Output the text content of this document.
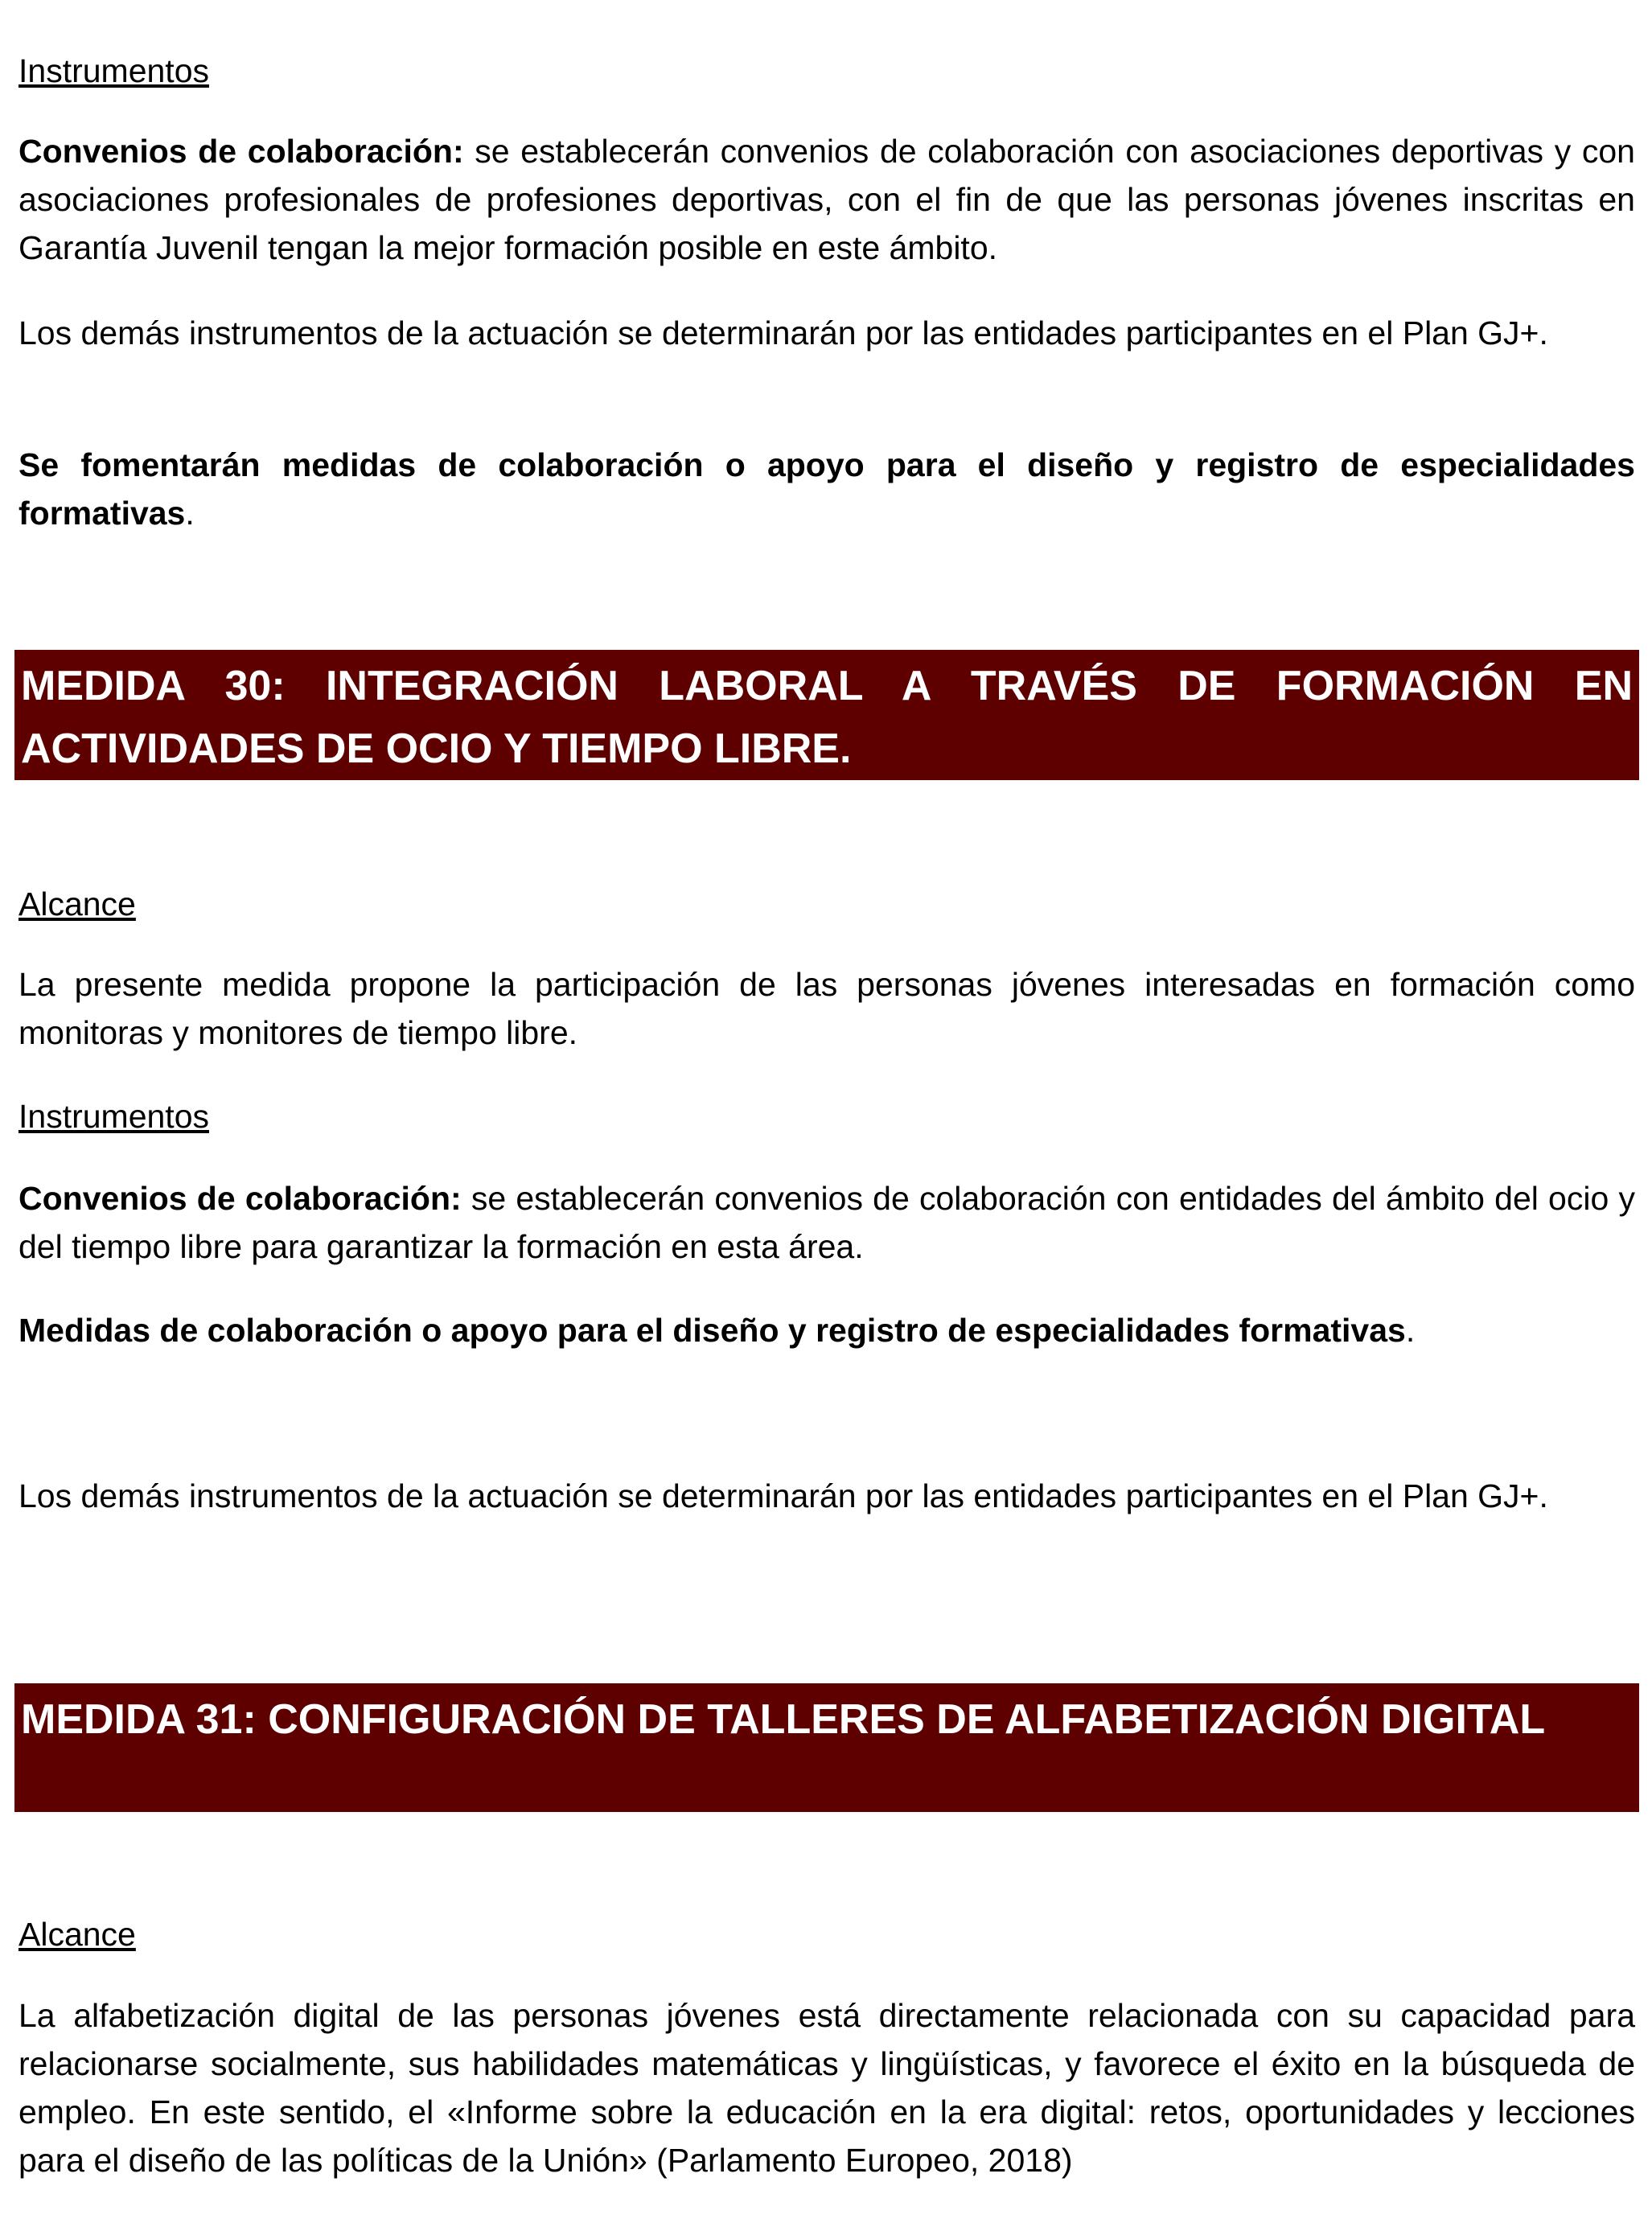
Instrumentos

Convenios de colaboración: se establecerán convenios de colaboración con asociaciones deportivas y con asociaciones profesionales de profesiones deportivas, con el fin de que las personas jóvenes inscritas en Garantía Juvenil tengan la mejor formación posible en este ámbito.

Los demás instrumentos de la actuación se determinarán por las entidades participantes en el Plan GJ+.

Se fomentarán medidas de colaboración o apoyo para el diseño y registro de especialidades formativas.

MEDIDA 30: INTEGRACIÓN LABORAL A TRAVÉS DE FORMACIÓN EN ACTIVIDADES DE OCIO Y TIEMPO LIBRE.

Alcance

La presente medida propone la participación de las personas jóvenes interesadas en formación como monitoras y monitores de tiempo libre.

Instrumentos

Convenios de colaboración: se establecerán convenios de colaboración con entidades del ámbito del ocio y del tiempo libre para garantizar la formación en esta área.

Medidas de colaboración o apoyo para el diseño y registro de especialidades formativas.

Los demás instrumentos de la actuación se determinarán por las entidades participantes en el Plan GJ+.

MEDIDA 31: CONFIGURACIÓN DE TALLERES DE ALFABETIZACIÓN DIGITAL

Alcance

La alfabetización digital de las personas jóvenes está directamente relacionada con su capacidad para relacionarse socialmente, sus habilidades matemáticas y lingüísticas, y favorece el éxito en la búsqueda de empleo. En este sentido, el «Informe sobre la educación en la era digital: retos, oportunidades y lecciones para el diseño de las políticas de la Unión» (Parlamento Europeo, 2018)
